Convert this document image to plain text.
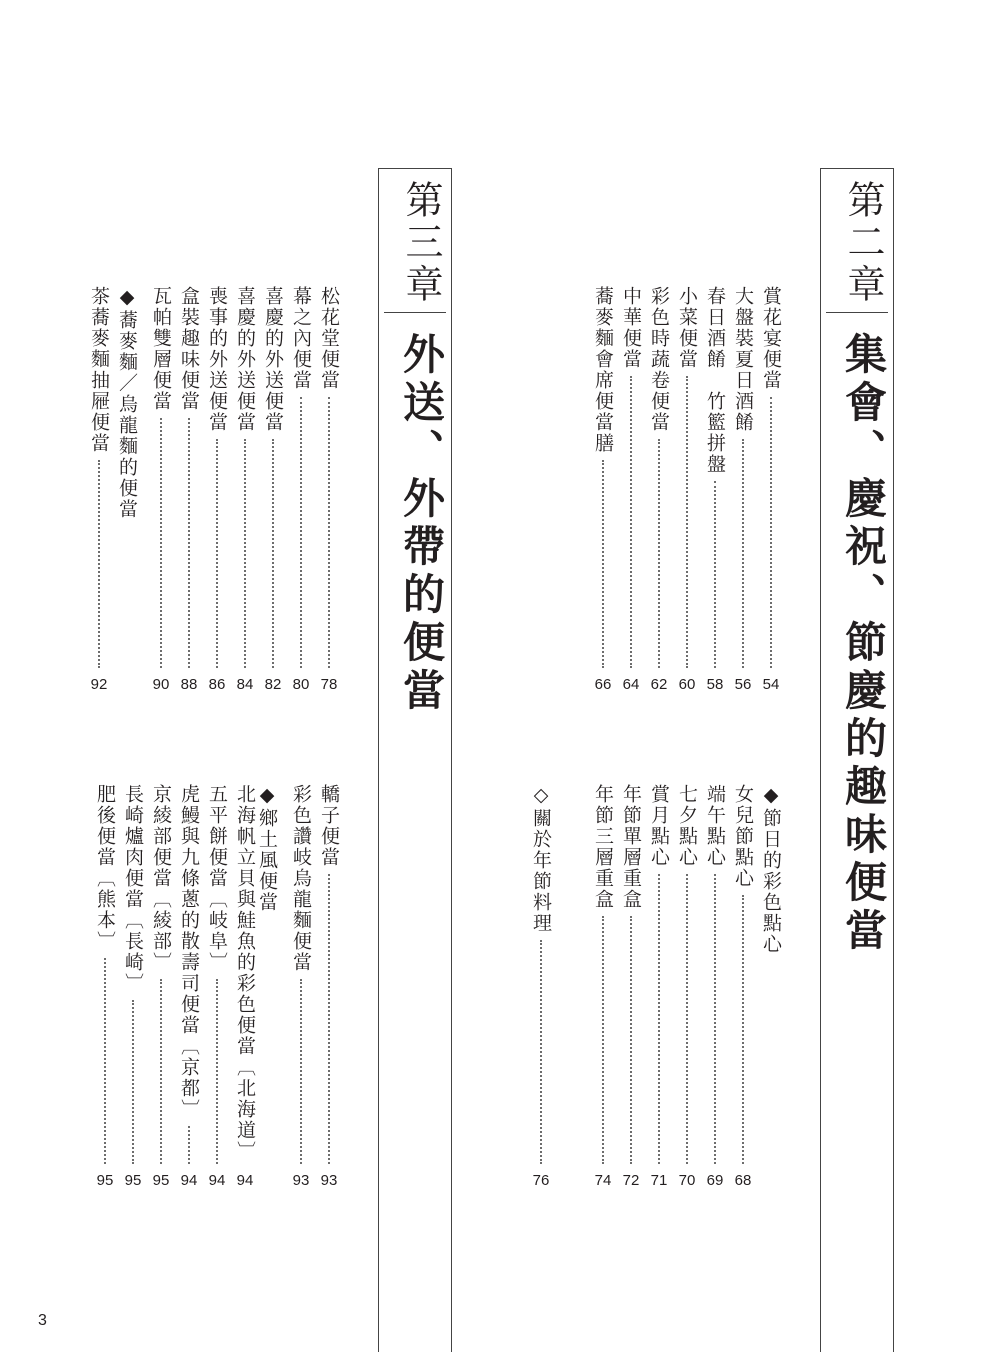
第二章
集會、慶祝、節慶的趣味便當
第三章
外送、外帶的便當	賞花宴便當
54
大盤裝夏日酒餚
56
春日酒餚　竹籃拼盤
58
小菜便當
60
彩色時蔬卷便當
62
中華便當
64
蕎麥麵會席便當膳
66
◆節日的彩色點心
女兒節點心
68
端午點心
69
七夕點心
70
賞月點心
71
年節單層重盒
72
年節三層重盒
74
◇關於年節料理
76
松花堂便當
78
幕之內便當
80
喜慶的外送便當
82
喜慶的外送便當
84
喪事的外送便當
86
盒裝趣味便當
88
瓦帕雙層便當
90
◆蕎麥麵／烏龍麵的便當
茶蕎麥麵抽屜便當
92
轎子便當
93
彩色讚岐烏龍麵便當
93
◆鄉土風便當
北海帆立貝與鮭魚的彩色便當〔北海道〕
94
五平餅便當〔岐阜〕
94
虎鰻與九條蔥的散壽司便當〔京都〕
94
京綾部便當〔綾部〕
95
長崎爐肉便當〔長崎〕
95
肥後便當〔熊本〕
95
3
